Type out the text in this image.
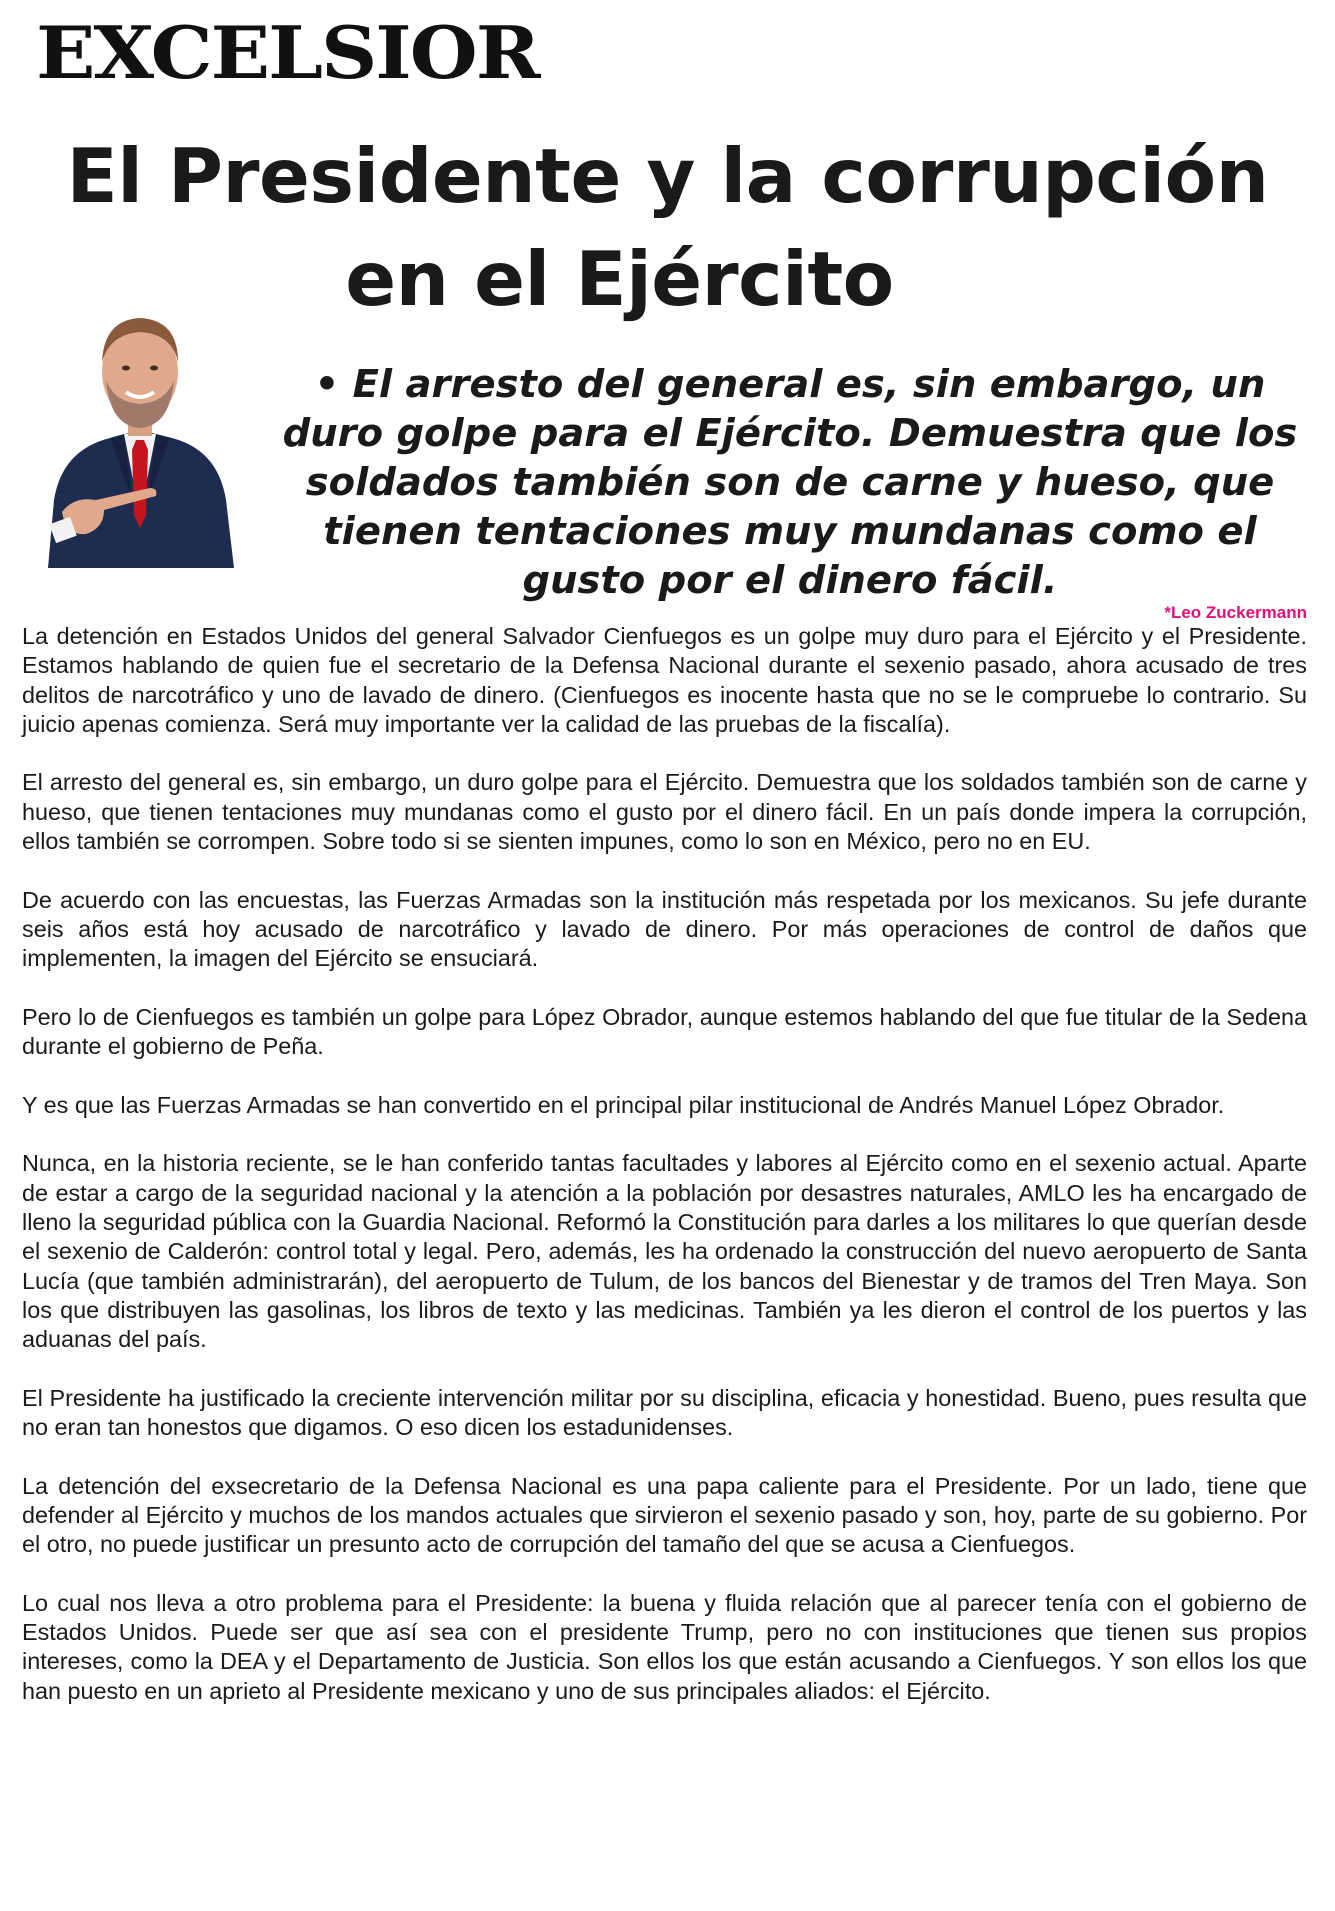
EXCELSIOR
El Presidente y la corrupción
en el Ejército
• El arresto del general es, sin embargo, un duro golpe para el Ejército. Demuestra que los soldados también son de carne y hueso, que tienen tentaciones muy mundanas como el gusto por el dinero fácil.
*Leo Zuckermann

La detención en Estados Unidos del general Salvador Cienfuegos es un golpe muy duro para el Ejército y el Presidente. Estamos hablando de quien fue el secretario de la Defensa Nacional durante el sexenio pasado, ahora acusado de tres delitos de narcotráfico y uno de lavado de dinero. (Cienfuegos es inocente hasta que no se le compruebe lo contrario. Su juicio apenas comienza. Será muy importante ver la calidad de las pruebas de la fiscalía).

El arresto del general es, sin embargo, un duro golpe para el Ejército. Demuestra que los soldados también son de carne y hueso, que tienen tentaciones muy mundanas como el gusto por el dinero fácil. En un país donde impera la corrupción, ellos también se corrompen. Sobre todo si se sienten impunes, como lo son en México, pero no en EU.

De acuerdo con las encuestas, las Fuerzas Armadas son la institución más respetada por los mexicanos. Su jefe durante seis años está hoy acusado de narcotráfico y lavado de dinero. Por más operaciones de control de daños que implementen, la imagen del Ejército se ensuciará.

Pero lo de Cienfuegos es también un golpe para López Obrador, aunque estemos hablando del que fue titular de la Sedena durante el gobierno de Peña.

Y es que las Fuerzas Armadas se han convertido en el principal pilar institucional de Andrés Manuel López Obrador.

Nunca, en la historia reciente, se le han conferido tantas facultades y labores al Ejército como en el sexenio actual. Aparte de estar a cargo de la seguridad nacional y la atención a la población por desastres naturales, AMLO les ha encargado de lleno la seguridad pública con la Guardia Nacional. Reformó la Constitución para darles a los militares lo que querían desde el sexenio de Calderón: control total y legal. Pero, además, les ha ordenado la construcción del nuevo aeropuerto de Santa Lucía (que también administrarán), del aeropuerto de Tulum, de los bancos del Bienestar y de tramos del Tren Maya. Son los que distribuyen las gasolinas, los libros de texto y las medicinas. También ya les dieron el control de los puertos y las aduanas del país.

El Presidente ha justificado la creciente intervención militar por su disciplina, eficacia y honestidad. Bueno, pues resulta que no eran tan honestos que digamos. O eso dicen los estadunidenses.

La detención del exsecretario de la Defensa Nacional es una papa caliente para el Presidente. Por un lado, tiene que defender al Ejército y muchos de los mandos actuales que sirvieron el sexenio pasado y son, hoy, parte de su gobierno. Por el otro, no puede justificar un presunto acto de corrupción del tamaño del que se acusa a Cienfuegos.

Lo cual nos lleva a otro problema para el Presidente: la buena y fluida relación que al parecer tenía con el gobierno de Estados Unidos. Puede ser que así sea con el presidente Trump, pero no con instituciones que tienen sus propios intereses, como la DEA y el Departamento de Justicia. Son ellos los que están acusando a Cienfuegos. Y son ellos los que han puesto en un aprieto al Presidente mexicano y uno de sus principales aliados: el Ejército.
